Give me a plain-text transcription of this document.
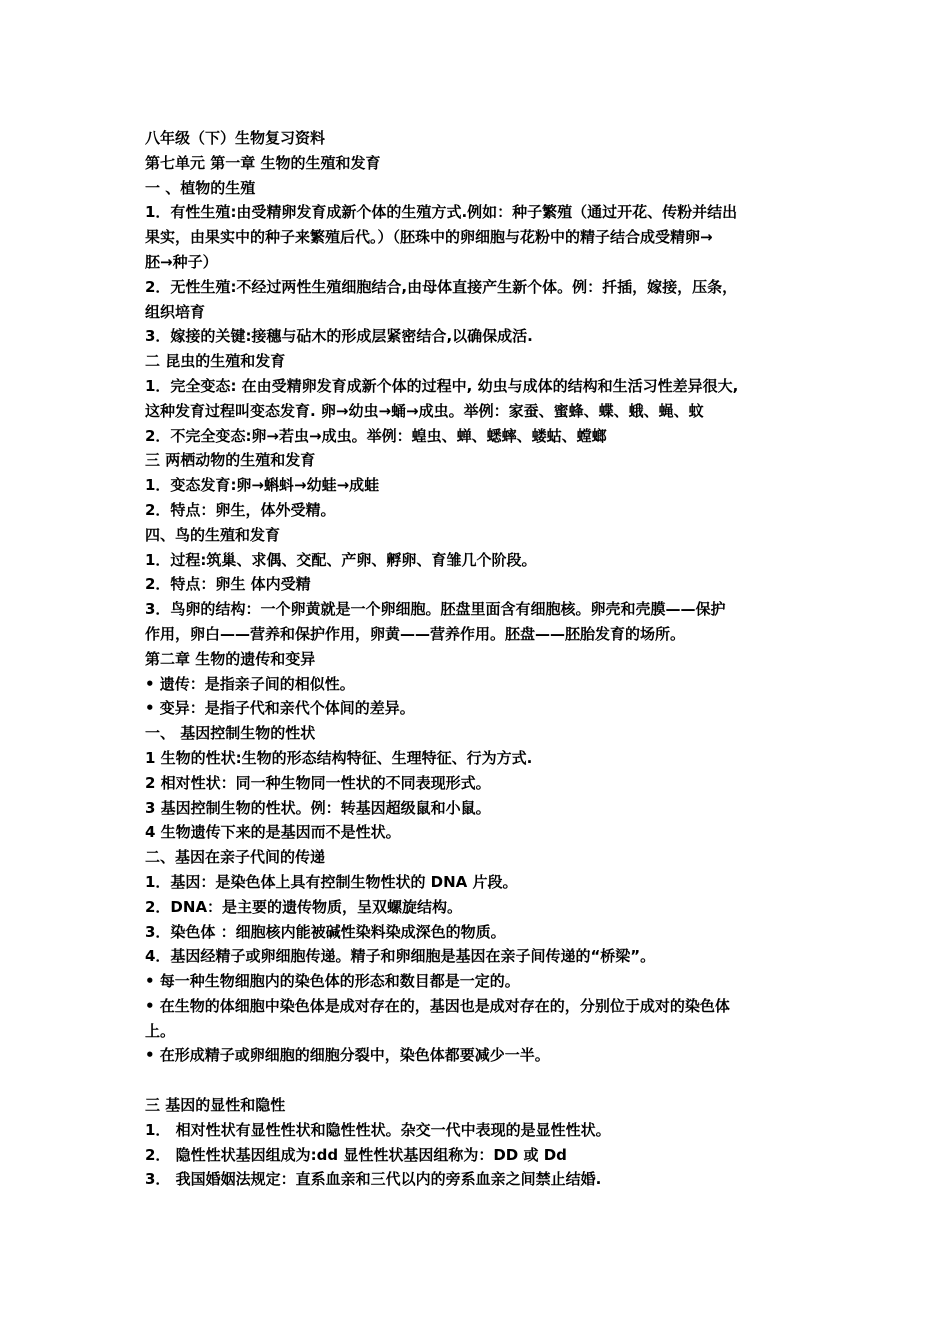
八年级（下）生物复习资料
第七单元 第一章 生物的生殖和发育
一 、植物的生殖
1．有性生殖:由受精卵发育成新个体的生殖方式.例如：种子繁殖（通过开花、传粉并结出
果实，由果实中的种子来繁殖后代。）（胚珠中的卵细胞与花粉中的精子结合成受精卵→
胚→种子）
2．无性生殖:不经过两性生殖细胞结合,由母体直接产生新个体。例：扦插，嫁接，压条，
组织培育
3．嫁接的关键:接穗与砧木的形成层紧密结合,以确保成活.
二 昆虫的生殖和发育
1．完全变态: 在由受精卵发育成新个体的过程中, 幼虫与成体的结构和生活习性差异很大,
这种发育过程叫变态发育. 卵→幼虫→蛹→成虫。举例：家蚕、蜜蜂、蝶、蛾、蝇、蚊
2．不完全变态:卵→若虫→成虫。举例：蝗虫、蝉、蟋蟀、蝼蛄、螳螂
三 两栖动物的生殖和发育
1．变态发育:卵→蝌蚪→幼蛙→成蛙
2．特点：卵生，体外受精。
四、鸟的生殖和发育
1．过程:筑巢、求偶、交配、产卵、孵卵、育雏几个阶段。
2．特点：卵生 体内受精
3．鸟卵的结构：一个卵黄就是一个卵细胞。胚盘里面含有细胞核。卵壳和壳膜——保护
作用，卵白——营养和保护作用，卵黄——营养作用。胚盘——胚胎发育的场所。
第二章 生物的遗传和变异
• 遗传：是指亲子间的相似性。
• 变异：是指子代和亲代个体间的差异。
一、 基因控制生物的性状
1 生物的性状:生物的形态结构特征、生理特征、行为方式.
2 相对性状：同一种生物同一性状的不同表现形式。
3 基因控制生物的性状。例：转基因超级鼠和小鼠。
4 生物遗传下来的是基因而不是性状。
二、基因在亲子代间的传递
1．基因：是染色体上具有控制生物性状的 DNA 片段。
2．DNA：是主要的遗传物质，呈双螺旋结构。
3．染色体 ：细胞核内能被碱性染料染成深色的物质。
4．基因经精子或卵细胞传递。精子和卵细胞是基因在亲子间传递的“桥梁”。
• 每一种生物细胞内的染色体的形态和数目都是一定的。
• 在生物的体细胞中染色体是成对存在的，基因也是成对存在的，分别位于成对的染色体
上。
• 在形成精子或卵细胞的细胞分裂中，染色体都要减少一半。
三 基因的显性和隐性
1． 相对性状有显性性状和隐性性状。杂交一代中表现的是显性性状。
2． 隐性性状基因组成为:dd 显性性状基因组称为：DD 或 Dd
3． 我国婚姻法规定：直系血亲和三代以内的旁系血亲之间禁止结婚.
